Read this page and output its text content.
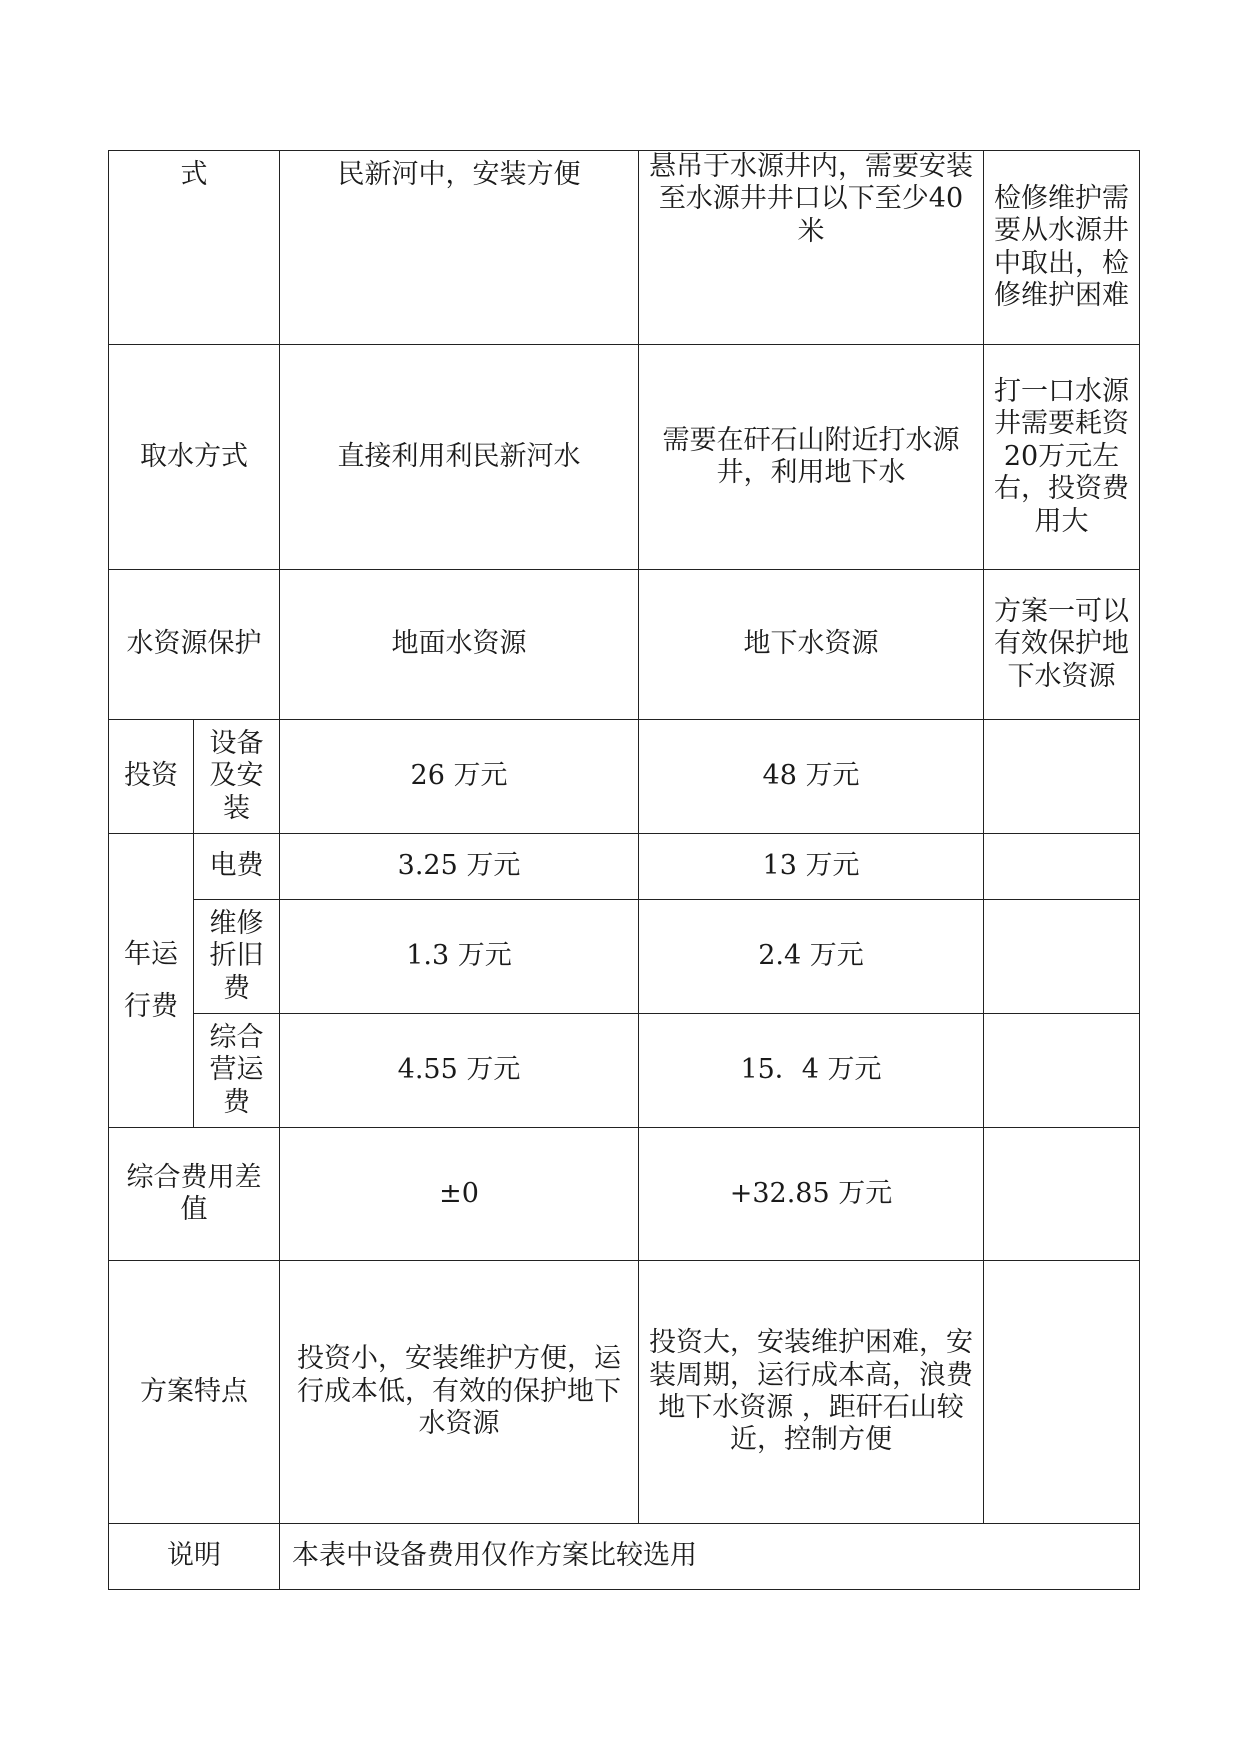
式		民新河中，安装方便	悬吊于水源井内，需要安装至水源井井口以下至少40米	检修维护需要从水源井中取出，检修维护困难
取水方式		直接利用利民新河水	需要在矸石山附近打水源井，利用地下水	打一口水源井需要耗资20万元左右，投资费用大
水资源保护		地面水资源	地下水资源	方案一可以有效保护地下水资源
投资	设备及安装	26 万元	48 万元	
年运行费	电费	3.25 万元	13 万元	
	维修折旧费	1.3 万元	2.4 万元	
	综合营运费	4.55 万元	15．4 万元	
综合费用差值		±0	+32.85 万元	
方案特点		投资小，安装维护方便，运行成本低，有效的保护地下水资源	投资大，安装维护困难，安装周期，运行成本高，浪费地下水资源 ，距矸石山较近，控制方便	
说明		本表中设备费用仅作方案比较选用		
